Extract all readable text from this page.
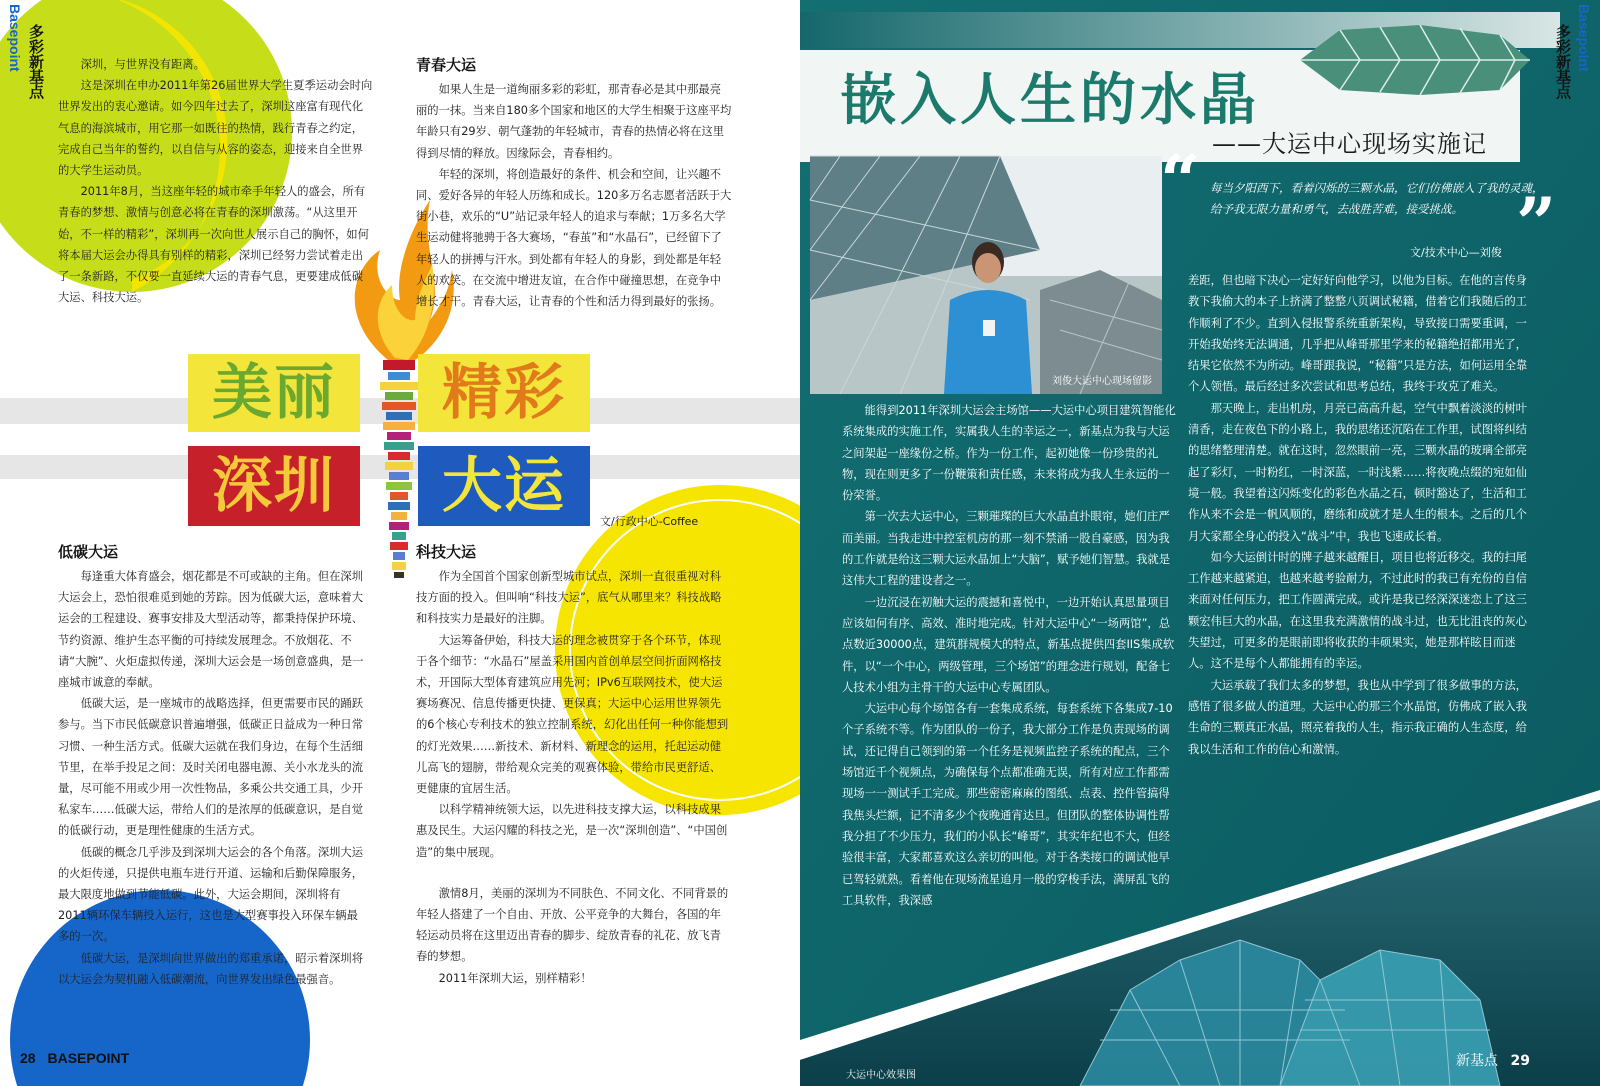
Basepoint 多彩新基点	深圳，与世界没有距离。

这是深圳在申办2011年第26届世界大学生夏季运动会时向世界发出的衷心邀请。如今四年过去了，深圳这座富有现代化气息的海滨城市，用它那一如既往的热情，践行青春之约定，完成自己当年的誓约，以自信与从容的姿态，迎接来自全世界的大学生运动员。

2011年8月，当这座年轻的城市牵手年轻人的盛会，所有青春的梦想、激情与创意必将在青春的深圳激荡。“从这里开始，不一样的精彩”，深圳再一次向世人展示自己的胸怀，如何将本届大运会办得具有别样的精彩，深圳已经努力尝试着走出了一条新路，不仅要一直延续大运的青春气息，更要建成低碳大运、科技大运。

青春大运

如果人生是一道绚丽多彩的彩虹，那青春必是其中那最亮丽的一抹。当来自180多个国家和地区的大学生相聚于这座平均年龄只有29岁、朝气蓬勃的年轻城市，青春的热情必将在这里得到尽情的释放。因缘际会，青春相约。

年轻的深圳，将创造最好的条件、机会和空间，让兴趣不同、爱好各异的年轻人历练和成长。120多万名志愿者活跃于大街小巷，欢乐的“U”站记录年轻人的追求与奉献；1万多名大学生运动健将驰骋于各大赛场，“春茧”和“水晶石”，已经留下了年轻人的拼搏与汗水。到处都有年轻人的身影，到处都是年轻人的欢笑。在交流中增进友谊，在合作中碰撞思想，在竞争中增长才干。青春大运，让青春的个性和活力得到最好的张扬。

美丽	精彩
深圳	大运
文/行政中心-Coffee
低碳大运

每逢重大体育盛会，烟花都是不可或缺的主角。但在深圳大运会上，恐怕很难觅到她的芳踪。因为低碳大运，意味着大运会的工程建设、赛事安排及大型活动等，都秉持保护环境、节约资源、维护生态平衡的可持续发展理念。不放烟花、不请“大腕”、火炬虚拟传递，深圳大运会是一场创意盛典，是一座城市诚意的奉献。

低碳大运，是一座城市的战略选择，但更需要市民的踊跃参与。当下市民低碳意识普遍增强，低碳正日益成为一种日常习惯、一种生活方式。低碳大运就在我们身边，在每个生活细节里，在举手投足之间：及时关闭电器电源、关小水龙头的流量，尽可能不用或少用一次性物品，多乘公共交通工具，少开私家车……低碳大运，带给人们的是浓厚的低碳意识，是自觉的低碳行动，更是理性健康的生活方式。

低碳的概念几乎涉及到深圳大运会的各个角落。深圳大运的火炬传递，只提供电瓶车进行开道、运输和后勤保障服务，最大限度地做到节能低碳。此外，大运会期间，深圳将有2011辆环保车辆投入运行，这也是大型赛事投入环保车辆最多的一次。

低碳大运，是深圳向世界做出的郑重承诺，昭示着深圳将以大运会为契机融入低碳潮流，向世界发出绿色最强音。

科技大运

作为全国首个国家创新型城市试点，深圳一直很重视对科技方面的投入。但叫响“科技大运”，底气从哪里来？科技战略和科技实力是最好的注脚。

大运筹备伊始，科技大运的理念被贯穿于各个环节，体现于各个细节：“水晶石”屋盖采用国内首创单层空间折面网格技术，开国际大型体育建筑应用先河；IPv6互联网技术，使大运赛场赛况、信息传播更快捷、更保真；大运中心运用世界领先的6个核心专利技术的独立控制系统，幻化出任何一种你能想到的灯光效果……新技术、新材料、新理念的运用，托起运动健儿高飞的翅膀，带给观众完美的观赛体验，带给市民更舒适、更健康的宜居生活。

以科学精神统领大运，以先进科技支撑大运，以科技成果惠及民生。大运闪耀的科技之光，是一次“深圳创造”、“中国创造”的集中展现。

激情8月，美丽的深圳为不同肤色、不同文化、不同背景的年轻人搭建了一个自由、开放、公平竞争的大舞台，各国的年轻运动员将在这里迈出青春的脚步、绽放青春的礼花、放飞青春的梦想。

2011年深圳大运，别样精彩！

28 BASEPOINT
“
”
Basepoint
多彩新基点
嵌入人生的水晶
——大运中心现场实施记
每当夕阳西下，看着闪烁的三颗水晶，它们仿佛嵌入了我的灵魂，给予我无限力量和勇气，去战胜苦难，接受挑战。
文/技术中心—刘俊
刘俊大运中心现场留影

能得到2011年深圳大运会主场馆——大运中心项目建筑智能化系统集成的实施工作，实属我人生的幸运之一，新基点为我与大运之间架起一座缘份之桥。作为一份工作，起初她像一份珍贵的礼物，现在则更多了一份鞭策和责任感，未来将成为我人生永远的一份荣誉。

第一次去大运中心，三颗璀璨的巨大水晶直扑眼帘，她们庄严而美丽。当我走进中控室机房的那一刻不禁涌一股自豪感，因为我的工作就是给这三颗大运水晶加上“大脑”，赋予她们智慧。我就是这伟大工程的建设者之一。

一边沉浸在初触大运的震撼和喜悦中，一边开始认真思量项目应该如何有序、高效、准时地完成。针对大运中心“一场两馆”，总点数近30000点，建筑群规模大的特点，新基点提供四套IIS集成软件，以“一个中心，两级管理，三个场馆”的理念进行规划，配备七人技术小组为主骨干的大运中心专属团队。

大运中心每个场馆各有一套集成系统，每套系统下各集成7-10个子系统不等。作为团队的一份子，我大部分工作是负责现场的调试，还记得自己领到的第一个任务是视频监控子系统的配点，三个场馆近千个视频点，为确保每个点都准确无误，所有对应工作都需现场一一测试手工完成。那些密密麻麻的图纸、点表、控件管搞得我焦头烂额，记不清多少个夜晚通宵达旦。但团队的整体协调性帮我分担了不少压力，我们的小队长“峰哥”，其实年纪也不大，但经验很丰富，大家都喜欢这么亲切的叫他。对于各类接口的调试他早已驾轻就熟。看着他在现场流星追月一般的穿梭手法，满屏乱飞的工具软件，我深感

差距，但也暗下决心一定好好向他学习，以他为目标。在他的言传身教下我偷大的本子上挤满了整整八页调试秘籍，借着它们我随后的工作顺利了不少。直到入侵报警系统重新架构，导致接口需要重调，一开始我始终无法调通，几乎把从峰哥那里学来的秘籍绝招都用光了，结果它依然不为所动。峰哥跟我说，“秘籍”只是方法，如何运用全靠个人领悟。最后经过多次尝试和思考总结，我终于攻克了难关。

那天晚上，走出机房，月亮已高高升起，空气中飘着淡淡的树叶清香，走在夜色下的小路上，我的思绪还沉陷在工作里，试图将纠结的思绪整理清楚。就在这时，忽然眼前一亮，三颗水晶的玻璃全部亮起了彩灯，一时粉红，一时深蓝，一时浅紫……将夜晚点缀的宛如仙境一般。我望着这闪烁变化的彩色水晶之石，顿时豁达了，生活和工作从来不会是一帆风顺的，磨练和成就才是人生的根本。之后的几个月大家都全身心的投入“战斗”中，我也飞速成长着。

如今大运倒计时的牌子越来越醒目，项目也将近移交。我的扫尾工作越来越紧迫，也越来越考验耐力，不过此时的我已有充份的自信来面对任何压力，把工作圆满完成。或许是我已经深深迷恋上了这三颗宏伟巨大的水晶，在这里我充满激情的战斗过，也无比沮丧的灰心失望过，可更多的是眼前即将收获的丰硕果实，她是那样眩目而迷人。这不是每个人都能拥有的幸运。

大运承载了我们太多的梦想，我也从中学到了很多做事的方法，感悟了很多做人的道理。大运中心的那三个水晶馆，仿佛成了嵌入我生命的三颗真正水晶，照亮着我的人生，指示我正确的人生态度，给我以生活和工作的信心和激情。

大运中心效果图
新基点 29
